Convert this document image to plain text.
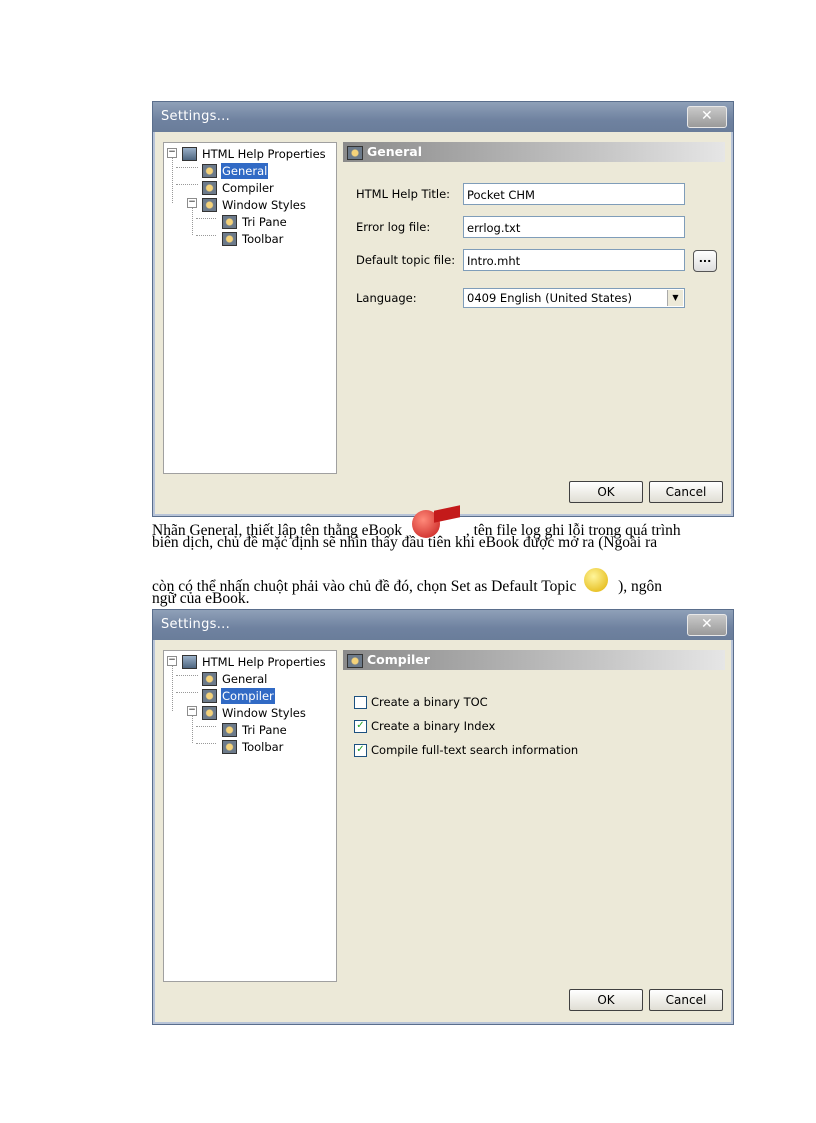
Settings...	✕
−
−
HTML Help Properties
General
Compiler
Window Styles
Tri Pane
Toolbar
General
HTML Help Title:	Pocket CHM
Error log file:	errlog.txt
Default topic file:	Intro.mht	...
Language:	0409 English (United States)	▼
OK	Cancel
Nhãn General, thiết lập tên thằng eBook	, tên file log ghi lỗi trong quá trình
biên dịch, chủ đề mặc định sẽ nhìn thấy đầu tiên khi eBook được mở ra (Ngoài ra
còn có thể nhấn chuột phải vào chủ đề đó, chọn Set as Default Topic	), ngôn
ngữ của eBook.
Settings...	✕
−
−
HTML Help Properties
General
Compiler
Window Styles
Tri Pane
Toolbar
Compiler
Create a binary TOC
✓ Create a binary Index
✓ Compile full-text search information
OK	Cancel
